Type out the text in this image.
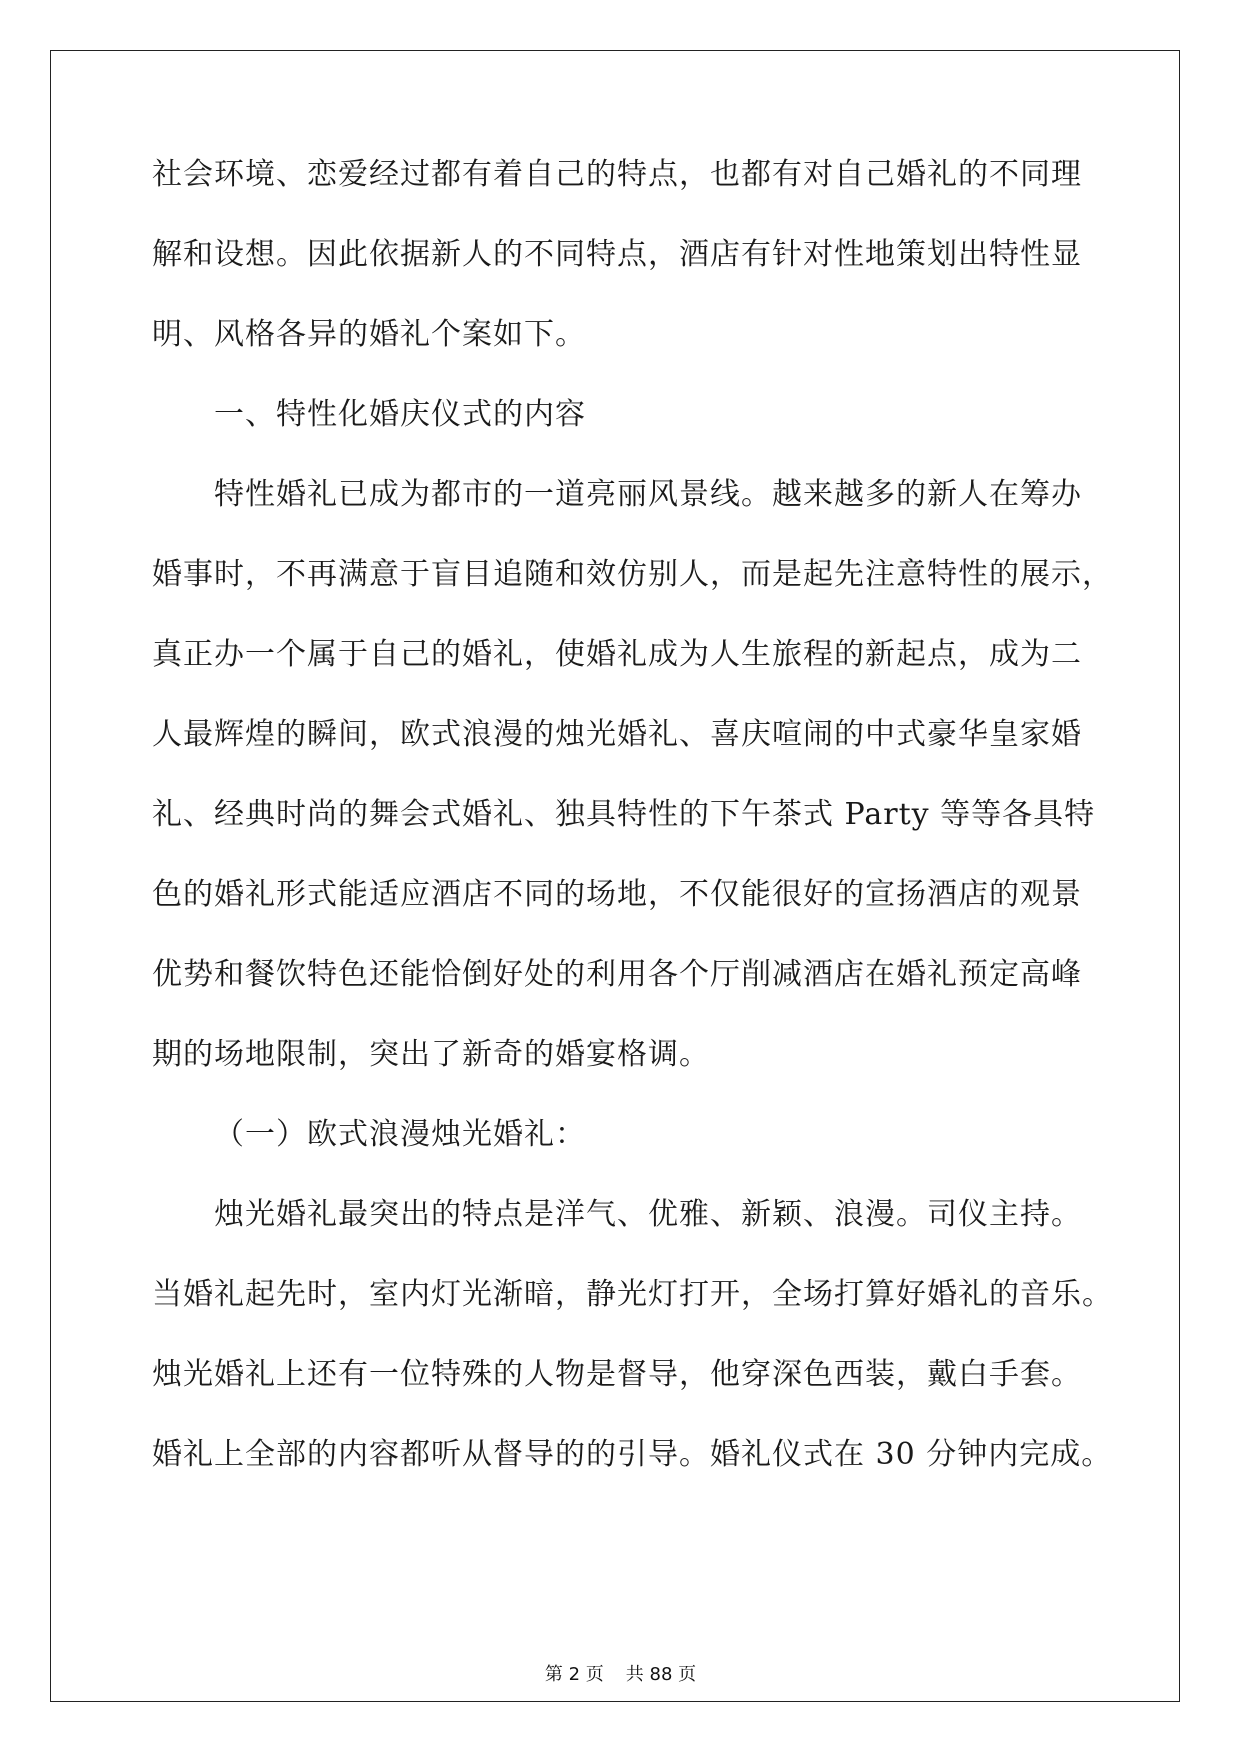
社会环境、恋爱经过都有着自己的特点，也都有对自己婚礼的不同理
解和设想。因此依据新人的不同特点，酒店有针对性地策划出特性显
明、风格各异的婚礼个案如下。
一、特性化婚庆仪式的内容
特性婚礼已成为都市的一道亮丽风景线。越来越多的新人在筹办
婚事时，不再满意于盲目追随和效仿别人，而是起先注意特性的展示，
真正办一个属于自己的婚礼，使婚礼成为人生旅程的新起点，成为二
人最辉煌的瞬间，欧式浪漫的烛光婚礼、喜庆喧闹的中式豪华皇家婚
礼、经典时尚的舞会式婚礼、独具特性的下午茶式 Party 等等各具特
色的婚礼形式能适应酒店不同的场地，不仅能很好的宣扬酒店的观景
优势和餐饮特色还能恰倒好处的利用各个厅削减酒店在婚礼预定高峰
期的场地限制，突出了新奇的婚宴格调。
（一）欧式浪漫烛光婚礼：
烛光婚礼最突出的特点是洋气、优雅、新颖、浪漫。司仪主持。
当婚礼起先时，室内灯光渐暗，静光灯打开，全场打算好婚礼的音乐。
烛光婚礼上还有一位特殊的人物是督导，他穿深色西装，戴白手套。
婚礼上全部的内容都听从督导的的引导。婚礼仪式在 30 分钟内完成。
第 2 页 共 88 页
